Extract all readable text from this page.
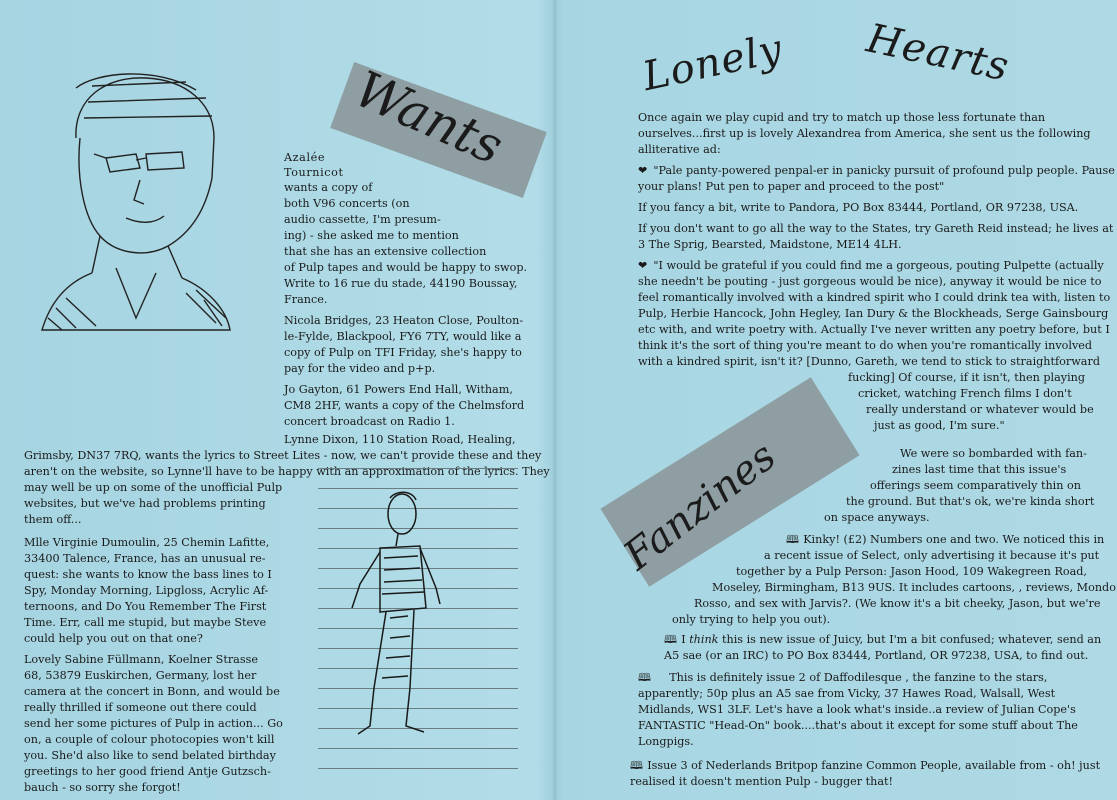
Wants

Azalée

Tournicot

wants a copy of

both V96 concerts (on

audio cassette, I'm presum-

ing) - she asked me to mention

that she has an extensive collection

of Pulp tapes and would be happy to swop.

Write to 16 rue du stade, 44190 Boussay,

France.

Nicola Bridges, 23 Heaton Close, Poulton-

le-Fylde, Blackpool, FY6 7TY, would like a

copy of Pulp on TFI Friday, she's happy to

pay for the video and p+p.

Jo Gayton, 61 Powers End Hall, Witham,

CM8 2HF, wants a copy of the Chelmsford

concert broadcast on Radio 1.

Lynne Dixon, 110 Station Road, Healing,

Grimsby, DN37 7RQ, wants the lyrics to Street Lites - now, we can't provide these and they

aren't on the website, so Lynne'll have to be happy with an approximation of the lyrics. They

may well be up on some of the unofficial Pulp

websites, but we've had problems printing

them off...

Mlle Virginie Dumoulin, 25 Chemin Lafitte,

33400 Talence, France, has an unusual re-

quest: she wants to know the bass lines to I

Spy, Monday Morning, Lipgloss, Acrylic Af-

ternoons, and Do You Remember The First

Time. Err, call me stupid, but maybe Steve

could help you out on that one?

Lovely Sabine Füllmann, Koelner Strasse

68, 53879 Euskirchen, Germany, lost her

camera at the concert in Bonn, and would be

really thrilled if someone out there could

send her some pictures of Pulp in action... Go

on, a couple of colour photocopies won't kill

you. She'd also like to send belated birthday

greetings to her good friend Antje Gutzsch-

bauch - so sorry she forgot!

Lonely Hearts

Once again we play cupid and try to match up those less fortunate than

ourselves...first up is lovely Alexandrea from America, she sent us the following

alliterative ad:

❤ "Pale panty-powered penpal-er in panicky pursuit of profound pulp people. Pause

your plans! Put pen to paper and proceed to the post"

If you fancy a bit, write to Pandora, PO Box 83444, Portland, OR 97238, USA.

If you don't want to go all the way to the States, try Gareth Reid instead; he lives at

3 The Sprig, Bearsted, Maidstone, ME14 4LH.

❤ "I would be grateful if you could find me a gorgeous, pouting Pulpette (actually

she needn't be pouting - just gorgeous would be nice), anyway it would be nice to

feel romantically involved with a kindred spirit who I could drink tea with, listen to

Pulp, Herbie Hancock, John Hegley, Ian Dury & the Blockheads, Serge Gainsbourg

etc with, and write poetry with. Actually I've never written any poetry before, but I

think it's the sort of thing you're meant to do when you're romantically involved

with a kindred spirit, isn't it? [Dunno, Gareth, we tend to stick to straightforward

fucking] Of course, if it isn't, then playing

cricket, watching French films I don't

really understand or whatever would be

just as good, I'm sure."

Fanzines	We were so bombarded with fan-

zines last time that this issue's

offerings seem comparatively thin on

the ground. But that's ok, we're kinda short

on space anyways.

🕮 Kinky! (£2) Numbers one and two. We noticed this in

a recent issue of Select, only advertising it because it's put

together by a Pulp Person: Jason Hood, 109 Wakegreen Road,

Moseley, Birmingham, B13 9US. It includes cartoons, , reviews, Mondo

Rosso, and sex with Jarvis?. (We know it's a bit cheeky, Jason, but we're

only trying to help you out).

🕮 I think this is new issue of Juicy, but I'm a bit confused; whatever, send an

A5 sae (or an IRC) to PO Box 83444, Portland, OR 97238, USA, to find out.

🕮 This is definitely issue 2 of Daffodilesque , the fanzine to the stars,

apparently; 50p plus an A5 sae from Vicky, 37 Hawes Road, Walsall, West

Midlands, WS1 3LF. Let's have a look what's inside..a review of Julian Cope's

FANTASTIC "Head-On" book....that's about it except for some stuff about The

Longpigs.

🕮 Issue 3 of Nederlands Britpop fanzine Common People, available from - oh! just

realised it doesn't mention Pulp - bugger that!
